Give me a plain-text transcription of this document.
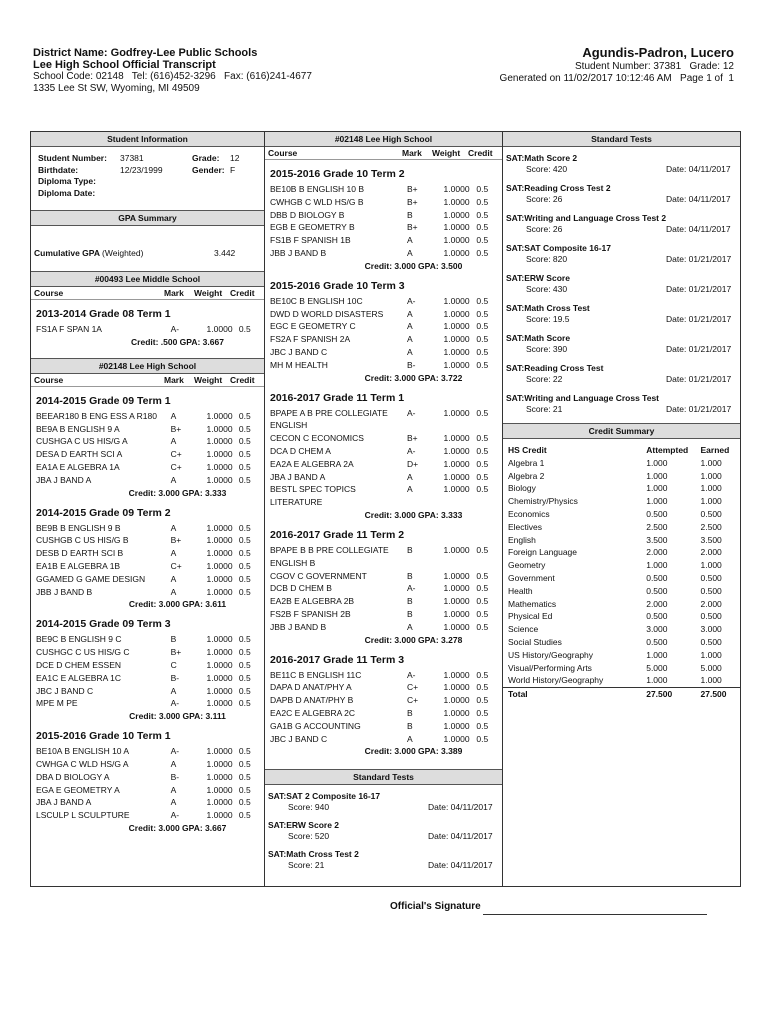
District Name: Godfrey-Lee Public Schools
Lee High School Official Transcript
School Code: 02148   Tel: (616)452-3296   Fax: (616)241-4677
1335 Lee St SW, Wyoming, MI 49509
Agundis-Padron, Lucero
Student Number: 37381   Grade: 12
Generated on 11/02/2017 10:12:46 AM   Page 1 of  1
Student Information
Student Number:	37381	Grade:	12
Birthdate:	12/23/1999	Gender: F
Diploma Type:
Diploma Date:
GPA Summary
Cumulative GPA (Weighted)	3.442
#00493 Lee Middle School
Course	Mark	Weight Credit
2013-2014 Grade 08 Term 1
FS1A F SPAN 1A	A-	1.0000 0.5
Credit: .500 GPA: 3.667
#02148 Lee High School
Course	Mark	Weight Credit
2014-2015 Grade 09 Term 1
BEEAR180 B ENG ESS A R180	A	1.0000 0.5
BE9A B ENGLISH 9 A	B+	1.0000 0.5
CUSHGA C US HIS/G A	A	1.0000 0.5
DESA D EARTH SCI A	C+	1.0000 0.5
EA1A E ALGEBRA 1A	C+	1.0000 0.5
JBA J BAND A	A	1.0000 0.5
Credit: 3.000 GPA: 3.333
2014-2015 Grade 09 Term 2
BE9B B ENGLISH 9 B	A	1.0000 0.5
CUSHGB C US HIS/G B	B+	1.0000 0.5
DESB D EARTH SCI B	A	1.0000 0.5
EA1B E ALGEBRA 1B	C+	1.0000 0.5
GGAMED G GAME DESIGN	A	1.0000 0.5
JBB J BAND B	A	1.0000 0.5
Credit: 3.000 GPA: 3.611
2014-2015 Grade 09 Term 3
BE9C B ENGLISH 9 C	B	1.0000 0.5
CUSHGC C US HIS/G C	B+	1.0000 0.5
DCE D CHEM ESSEN	C	1.0000 0.5
EA1C E ALGEBRA 1C	B-	1.0000 0.5
JBC J BAND C	A	1.0000 0.5
MPE M PE	A-	1.0000 0.5
Credit: 3.000 GPA: 3.111
2015-2016 Grade 10 Term 1
BE10A B ENGLISH 10 A	A-	1.0000 0.5
CWHGA C WLD HS/G A	A	1.0000 0.5
DBA D BIOLOGY A	B-	1.0000 0.5
EGA E GEOMETRY A	A	1.0000 0.5
JBA J BAND A	A	1.0000 0.5
LSCULP L SCULPTURE	A-	1.0000 0.5
Credit: 3.000 GPA: 3.667
#02148 Lee High School
Course	Mark	Weight Credit
2015-2016 Grade 10 Term 2
BE10B B ENGLISH 10 B	B+	1.0000 0.5
CWHGB C WLD HS/G B	B+	1.0000 0.5
DBB D BIOLOGY B	B	1.0000 0.5
EGB E GEOMETRY B	B+	1.0000 0.5
FS1B F SPANISH 1B	A	1.0000 0.5
JBB J BAND B	A	1.0000 0.5
Credit: 3.000 GPA: 3.500
2015-2016 Grade 10 Term 3
BE10C B ENGLISH 10C	A-	1.0000 0.5
DWD D WORLD DISASTERS	A	1.0000 0.5
EGC E GEOMETRY C	A	1.0000 0.5
FS2A F SPANISH 2A	A	1.0000 0.5
JBC J BAND C	A	1.0000 0.5
MH M HEALTH	B-	1.0000 0.5
Credit: 3.000 GPA: 3.722
2016-2017 Grade 11 Term 1
BPAPE A B PRE COLLEGIATE ENGLISH
A-	1.0000 0.5
CECON C ECONOMICS	B+	1.0000 0.5
DCA D CHEM A	A-	1.0000 0.5
EA2A E ALGEBRA 2A	D+	1.0000 0.5
JBA J BAND A	A	1.0000 0.5
BESTL SPEC TOPICS LITERATURE
A	1.0000 0.5
Credit: 3.000 GPA: 3.333
2016-2017 Grade 11 Term 2
BPAPE B B PRE COLLEGIATE ENGLISH B
B	1.0000 0.5
CGOV C GOVERNMENT	B	1.0000 0.5
DCB D CHEM B	A-	1.0000 0.5
EA2B E ALGEBRA 2B	B	1.0000 0.5
FS2B F SPANISH 2B	B	1.0000 0.5
JBB J BAND B	A	1.0000 0.5
Credit: 3.000 GPA: 3.278
2016-2017 Grade 11 Term 3
BE11C B ENGLISH 11C	A-	1.0000 0.5
DAPA D ANAT/PHY A	C+	1.0000 0.5
DAPB D ANAT/PHY B	C+	1.0000 0.5
EA2C E ALGEBRA 2C	B	1.0000 0.5
GA1B G ACCOUNTING	B	1.0000 0.5
JBC J BAND C	A	1.0000 0.5
Credit: 3.000 GPA: 3.389
Standard Tests
SAT:SAT 2 Composite 16-17
Score: 940	Date: 04/11/2017
SAT:ERW Score 2
Score: 520	Date: 04/11/2017
SAT:Math Cross Test 2
Score: 21	Date: 04/11/2017
Standard Tests
SAT:Math Score 2
Score: 420	Date: 04/11/2017
SAT:Reading Cross Test 2
Score: 26	Date: 04/11/2017
SAT:Writing and Language Cross Test 2
Score: 26	Date: 04/11/2017
SAT:SAT Composite 16-17
Score: 820	Date: 01/21/2017
SAT:ERW Score
Score: 430	Date: 01/21/2017
SAT:Math Cross Test
Score: 19.5	Date: 01/21/2017
SAT:Math Score
Score: 390	Date: 01/21/2017
SAT:Reading Cross Test
Score: 22	Date: 01/21/2017
SAT:Writing and Language Cross Test
Score: 21	Date: 01/21/2017
Credit Summary
HS Credit	Attempted	Earned
Algebra 1	1.000	1.000
Algebra 2	1.000	1.000
Biology	1.000	1.000
Chemistry/Physics	1.000	1.000
Economics	0.500	0.500
Electives	2.500	2.500
English	3.500	3.500
Foreign Language	2.000	2.000
Geometry	1.000	1.000
Government	0.500	0.500
Health	0.500	0.500
Mathematics	2.000	2.000
Physical Ed	0.500	0.500
Science	3.000	3.000
Social Studies	0.500	0.500
US History/Geography	1.000	1.000
Visual/Performing Arts	5.000	5.000
World History/Geography	1.000	1.000
Total	27.500	27.500
Official's Signature
